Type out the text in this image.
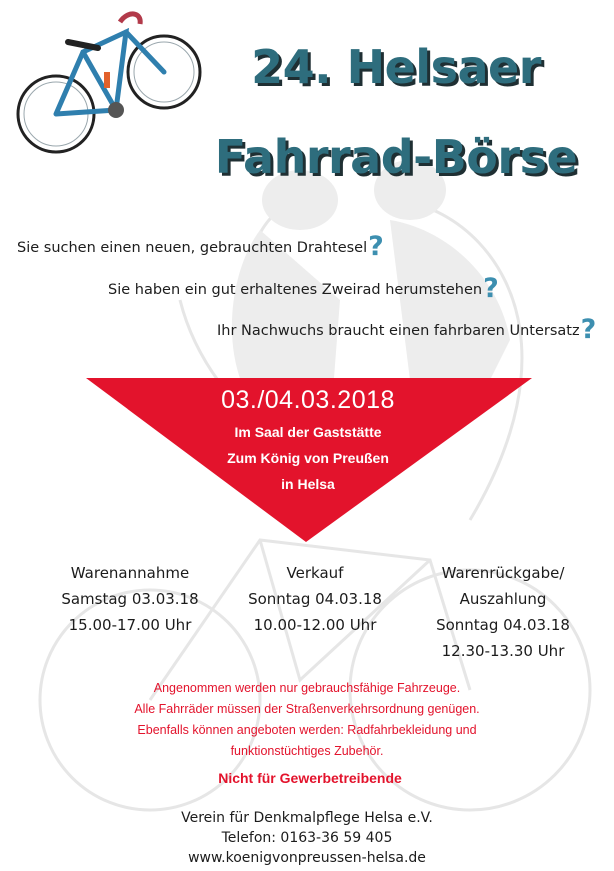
24. Helsaer
Fahrrad-Börse
Sie suchen einen neuen, gebrauchten Drahtesel?
Sie haben ein gut erhaltenes Zweirad herumstehen?
Ihr Nachwuchs braucht einen fahrbaren Untersatz?
03./04.03.2018
Im Saal der Gaststätte
Zum König von Preußen
in Helsa
Warenannahme
Samstag 03.03.18
15.00-17.00 Uhr
Verkauf
Sonntag 04.03.18
10.00-12.00 Uhr
Warenrückgabe/
Auszahlung
Sonntag 04.03.18
12.30-13.30 Uhr
Angenommen werden nur gebrauchsfähige Fahrzeuge.
Alle Fahrräder müssen der Straßenverkehrsordnung genügen.
Ebenfalls können angeboten werden: Radfahrbekleidung und
funktionstüchtiges Zubehör.
Nicht für Gewerbetreibende
Verein für Denkmalpflege Helsa e.V.
Telefon: 0163-36 59 405
www.koenigvonpreussen-helsa.de
